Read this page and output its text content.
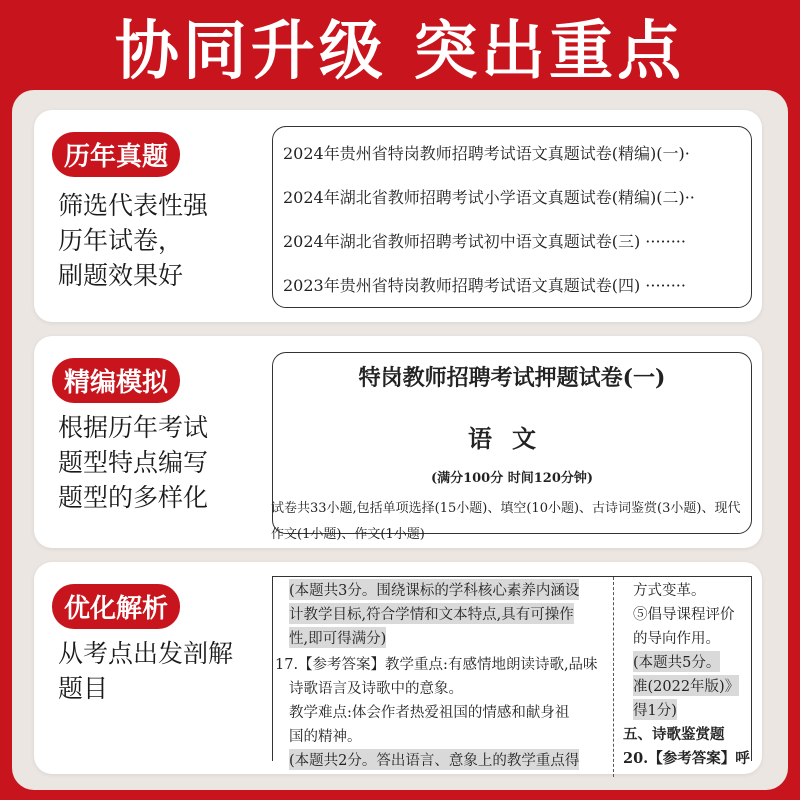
协同升级 突出重点
历年真题
筛选代表性强
历年试卷，
刷题效果好
2024年贵州省特岗教师招聘考试语文真题试卷(精编)(一)·
2024年湖北省教师招聘考试小学语文真题试卷(精编)(二)··
2024年湖北省教师招聘考试初中语文真题试卷(三) ········
2023年贵州省特岗教师招聘考试语文真题试卷(四) ········
精编模拟
根据历年考试
题型特点编写
题型的多样化
特岗教师招聘考试押题试卷(一)
语文
(满分100分 时间120分钟)
试卷共33小题,包括单项选择(15小题)、填空(10小题)、古诗词鉴赏(3小题)、现代
作文(1小题)、作文(1小题)
优化解析
从考点出发剖解
题目
(本题共3分。围绕课标的学科核心素养内涵设
计教学目标,符合学情和文本特点,具有可操作
性,即可得满分)
17.【参考答案】教学重点:有感情地朗读诗歌,品味
诗歌语言及诗歌中的意象。
教学难点:体会作者热爱祖国的情感和献身祖
国的精神。
(本题共2分。答出语言、意象上的教学重点得
方式变革。
⑤倡导课程评价
的导向作用。
(本题共5分。
准(2022年版)》
得1分)
五、诗歌鉴赏题
20.【参考答案】呼
